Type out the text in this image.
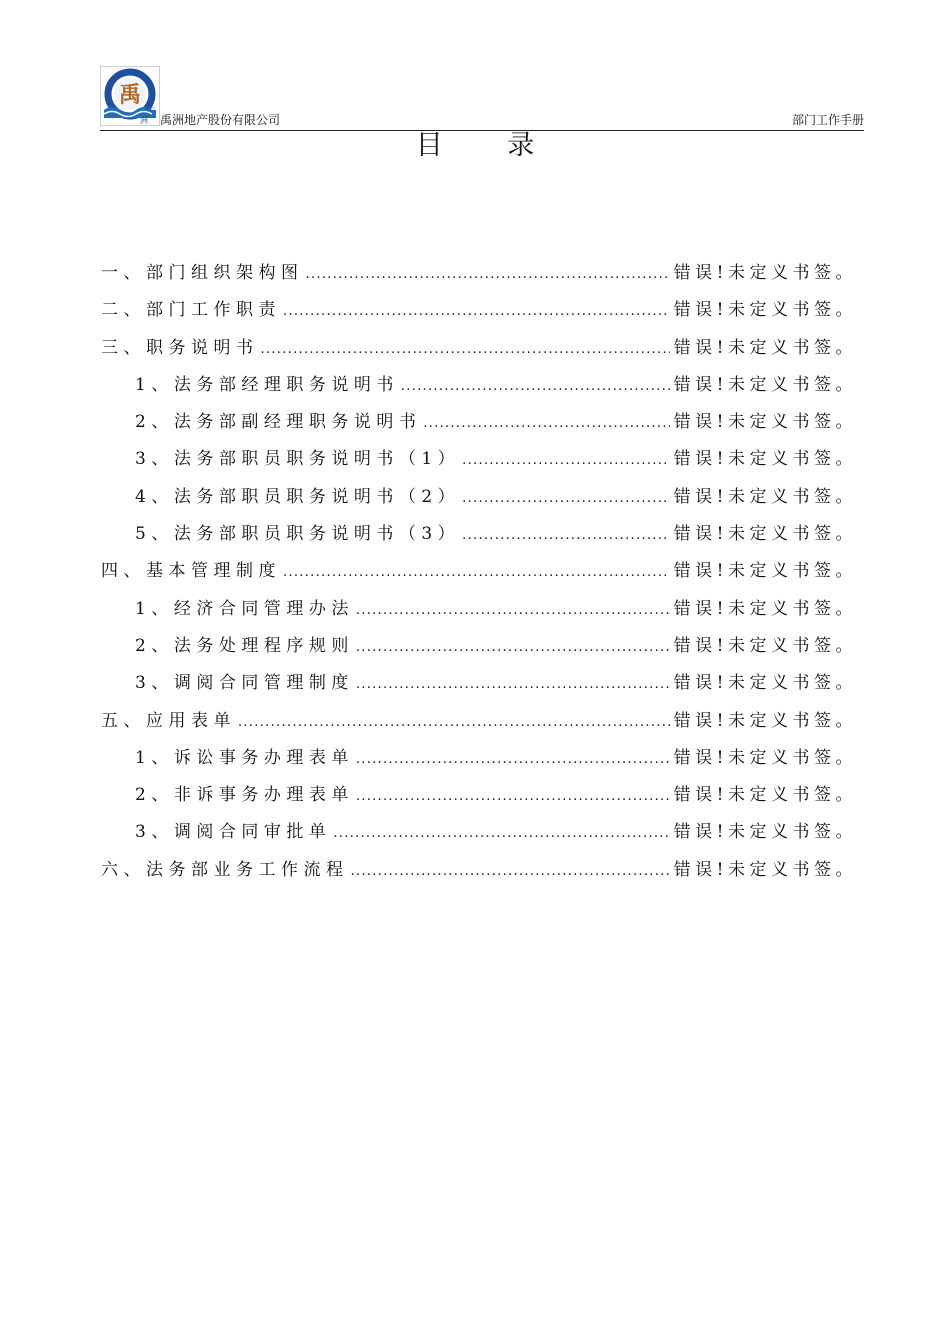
禹
洲
地产
禹洲地产股份有限公司	部门工作手册
目 录
一、部门组织架构图 .....	错误!未定义书签。
二、部门工作职责 .....	错误!未定义书签。
三、职务说明书 .....	错误!未定义书签。
1、法务部经理职务说明书 .....	错误!未定义书签。
2、法务部副经理职务说明书 .....	错误!未定义书签。
3、法务部职员职务说明书（1） .....	错误!未定义书签。
4、法务部职员职务说明书（2） .....	错误!未定义书签。
5、法务部职员职务说明书（3） .....	错误!未定义书签。
四、基本管理制度 .....	错误!未定义书签。
1、经济合同管理办法 .....	错误!未定义书签。
2、法务处理程序规则 .....	错误!未定义书签。
3、调阅合同管理制度 .....	错误!未定义书签。
五、应用表单 .....	错误!未定义书签。
1、诉讼事务办理表单 .....	错误!未定义书签。
2、非诉事务办理表单 .....	错误!未定义书签。
3、调阅合同审批单 .....	错误!未定义书签。
六、法务部业务工作流程 .....	错误!未定义书签。
